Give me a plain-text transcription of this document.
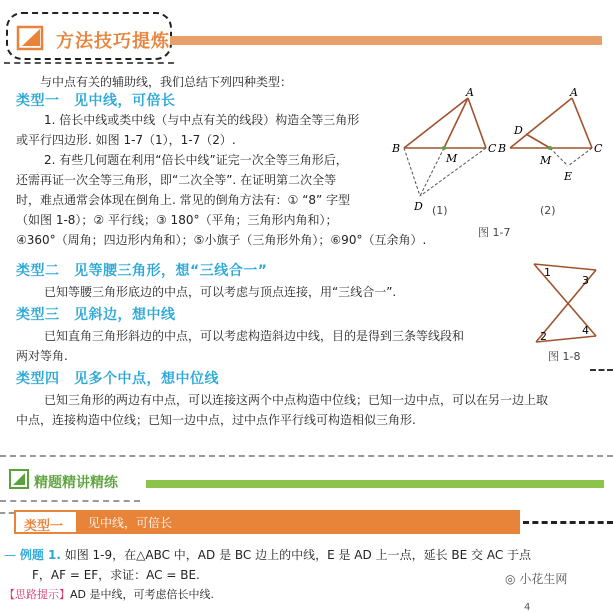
方法技巧提炼
与中点有关的辅助线，我们总结下列四种类型：
类型一　见中线，可倍长
1. 倍长中线或类中线（与中点有关的线段）构造全等三角形
或平行四边形. 如图 1-7（1），1-7（2）.
2. 有些几何题在利用“倍长中线”证完一次全等三角形后，
还需再证一次全等三角形，即“二次全等”. 在证明第二次全等
时，难点通常会体现在倒角上. 常见的倒角方法有：① “8” 字型
（如图 1-8）；② 平行线；③ 180°（平角；三角形内角和）；
④360°（周角；四边形内角和）；⑤小旗子（三角形外角）；⑥90°（互余角）.
A
B	C
M
D (1)
A
B	C
M
D
E
(2)
图 1-7
1
2
3
4
图 1-8
类型二　见等腰三角形，想“三线合一”
已知等腰三角形底边的中点，可以考虑与顶点连接，用“三线合一”.
类型三　见斜边，想中线
已知直角三角形斜边的中点，可以考虑构造斜边中线，目的是得到三条等线段和
两对等角.
类型四　见多个中点，想中位线
已知三角形的两边有中点，可以连接这两个中点构造中位线；已知一边中点，可以在另一边上取
中点，连接构造中位线；已知一边中点，过中点作平行线可构造相似三角形.
精题精讲精练
类型一	见中线，可倍长
— 例题 1. 如图 1-9，在△ABC 中，AD 是 BC 边上的中线，E 是 AD 上一点，延长 BE 交 AC 于点
F，AF = EF，求证：AC = BE.
【思路提示】AD 是中线，可考虑倍长中线.
◎ 小花生网
4
